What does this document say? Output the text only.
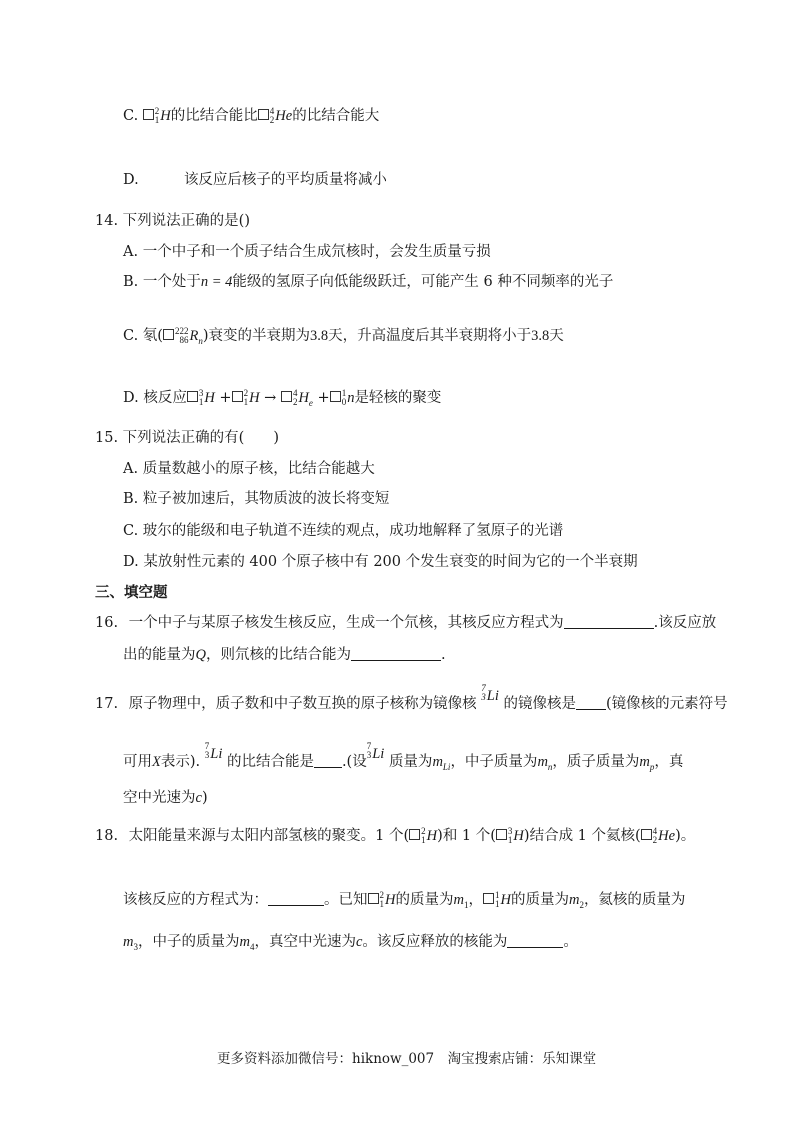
C. 2
1 H的比结合能比 4
2 He的比结合能大
D.	该反应后核子的平均质量将减小
14. 下列说法正确的是()
A. 一个中子和一个质子结合生成氘核时，会发生质量亏损
B. 一个处于n = 4能级的氢原子向低能级跃迁，可能产生 6 种不同频率的光子
C. 氡( 222
86 $R_n$)衰变的半衰期为3.8天，升高温度后其半衰期将小于3.8天
D. 核反应 3
1 H + 2
1 H → 4
2 $H_e + 1$
0 n是轻核的聚变
15. 下列说法正确的有(　　)
A. 质量数越小的原子核，比结合能越大
B. 粒子被加速后，其物质波的波长将变短
C. 玻尔的能级和电子轨道不连续的观点，成功地解释了氢原子的光谱
D. 某放射性元素的 400 个原子核中有 200 个发生衰变的时间为它的一个半衰期
三、填空题
16. 一个中子与某原子核发生核反应，生成一个氘核，其核反应方程式为	.该反应放
出的能量为Q，则氘核的比结合能为	.
17. 原子物理中，质子数和中子数互换的原子核称为镜像核
7
3 Li 的镜像核是 (镜像核的元素符号
可用X表示).
7
3 Li 的比结合能是 .(设
7
3 Li 质量为$m_{Li}$，中子质量为$m_n$，质子质量为$m_p$，真
空中光速为c)
18. 太阳能量来源与太阳内部氢核的聚变。1 个( 2
1 H)和 1 个( 3
1 H)结合成 1 个氦核( 4
2 He)。
该核反应的方程式为：	。已知 2
1 H的质量为$m_1$， 1
1 H的质量为$m_2$，氦核的质量为
$m_3$，中子的质量为$m_4$，真空中光速为c。该反应释放的核能为	。
更多资料添加微信号：hiknow_007　淘宝搜索店铺：乐知课堂
